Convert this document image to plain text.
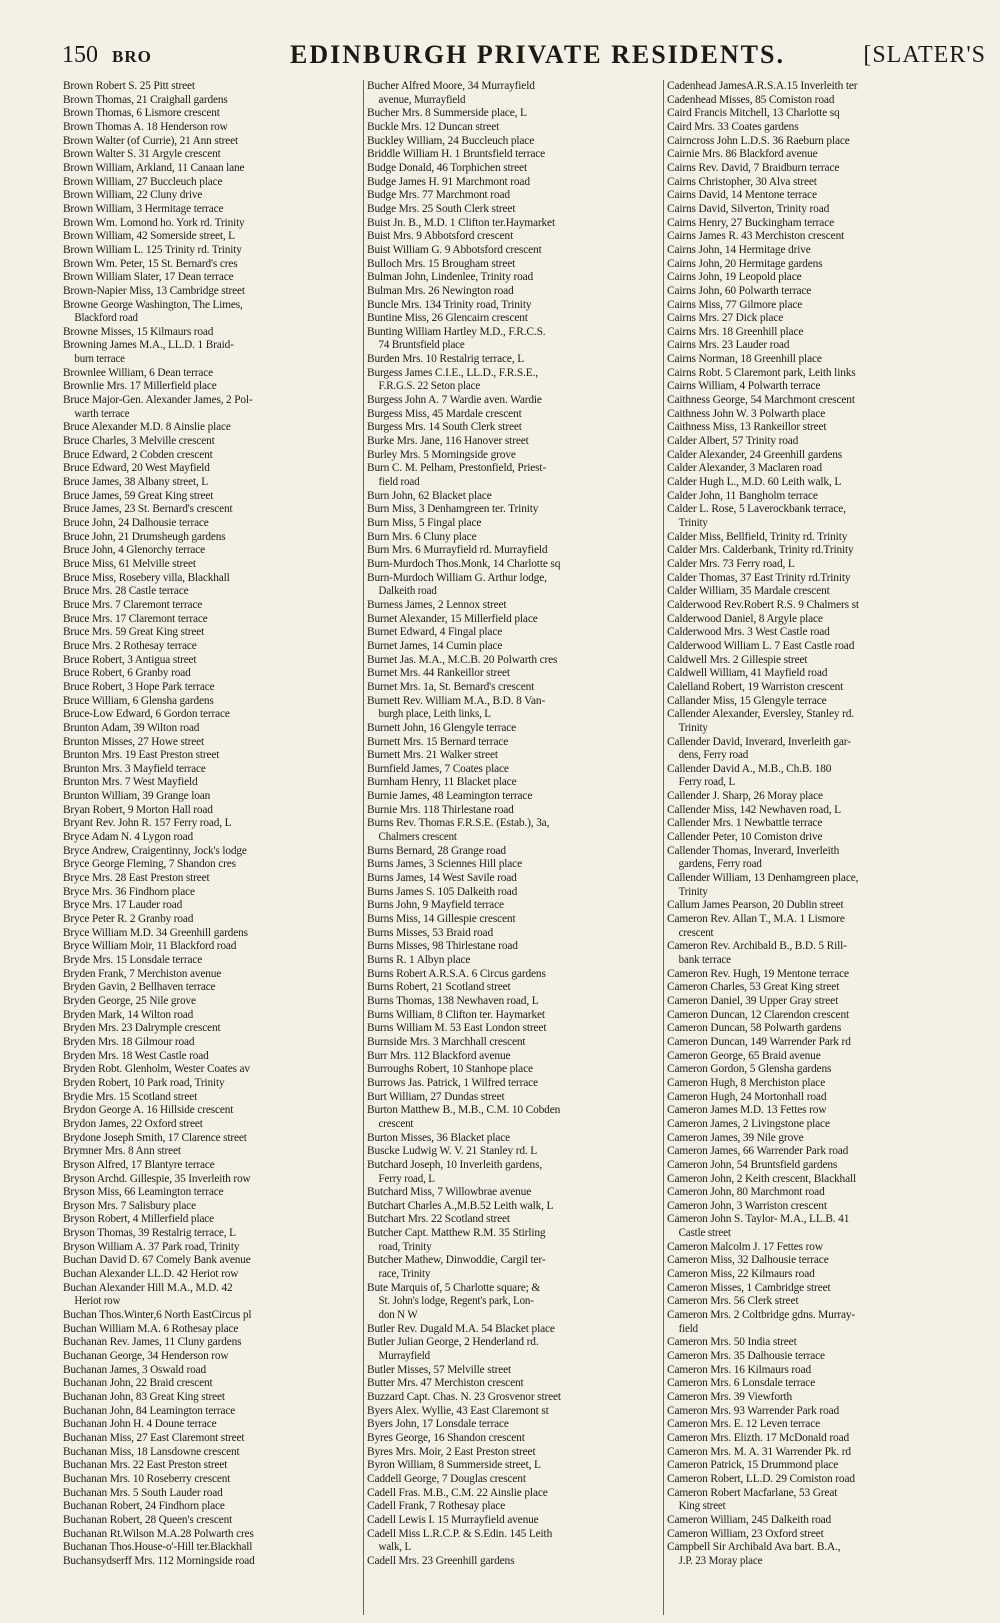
150 BRO	EDINBURGH PRIVATE RESIDENTS.	[SLATER'S
Brown Robert S. 25 Pitt street
Brown Thomas, 21 Craighall gardens
Brown Thomas, 6 Lismore crescent
Brown Thomas A. 18 Henderson row
Brown Walter (of Currie), 21 Ann street
Brown Walter S. 31 Argyle crescent
Brown William, Arkland, 11 Canaan lane
Brown William, 27 Buccleuch place
Brown William, 22 Cluny drive
Brown William, 3 Hermitage terrace
Brown Wm. Lomond ho. York rd. Trinity
Brown William, 42 Somerside street, L
Brown William L. 125 Trinity rd. Trinity
Brown Wm. Peter, 15 St. Bernard's cres
Brown William Slater, 17 Dean terrace
Brown-Napier Miss, 13 Cambridge street
Browne George Washington, The Limes,
Blackford road
Browne Misses, 15 Kilmaurs road
Browning James M.A., LL.D. 1 Braid-
burn terrace
Brownlee William, 6 Dean terrace
Brownlie Mrs. 17 Millerfield place
Bruce Major-Gen. Alexander James, 2 Pol-
warth terrace
Bruce Alexander M.D. 8 Ainslie place
Bruce Charles, 3 Melville crescent
Bruce Edward, 2 Cobden crescent
Bruce Edward, 20 West Mayfield
Bruce James, 38 Albany street, L
Bruce James, 59 Great King street
Bruce James, 23 St. Bernard's crescent
Bruce John, 24 Dalhousie terrace
Bruce John, 21 Drumsheugh gardens
Bruce John, 4 Glenorchy terrace
Bruce Miss, 61 Melville street
Bruce Miss, Rosebery villa, Blackhall
Bruce Mrs. 28 Castle terrace
Bruce Mrs. 7 Claremont terrace
Bruce Mrs. 17 Claremont terrace
Bruce Mrs. 59 Great King street
Bruce Mrs. 2 Rothesay terrace
Bruce Robert, 3 Antigua street
Bruce Robert, 6 Granby road
Bruce Robert, 3 Hope Park terrace
Bruce William, 6 Glensha gardens
Bruce-Low Edward, 6 Gordon terrace
Brunton Adam, 39 Wilton road
Brunton Misses, 27 Howe street
Brunton Mrs. 19 East Preston street
Brunton Mrs. 3 Mayfield terrace
Brunton Mrs. 7 West Mayfield
Brunton William, 39 Grange loan
Bryan Robert, 9 Morton Hall road
Bryant Rev. John R. 157 Ferry road, L
Bryce Adam N. 4 Lygon road
Bryce Andrew, Craigentinny, Jock's lodge
Bryce George Fleming, 7 Shandon cres
Bryce Mrs. 28 East Preston street
Bryce Mrs. 36 Findhorn place
Bryce Mrs. 17 Lauder road
Bryce Peter R. 2 Granby road
Bryce William M.D. 34 Greenhill gardens
Bryce William Moir, 11 Blackford road
Bryde Mrs. 15 Lonsdale terrace
Bryden Frank, 7 Merchiston avenue
Bryden Gavin, 2 Bellhaven terrace
Bryden George, 25 Nile grove
Bryden Mark, 14 Wilton road
Bryden Mrs. 23 Dalrymple crescent
Bryden Mrs. 18 Gilmour road
Bryden Mrs. 18 West Castle road
Bryden Robt. Glenholm, Wester Coates av
Bryden Robert, 10 Park road, Trinity
Brydie Mrs. 15 Scotland street
Brydon George A. 16 Hillside crescent
Brydon James, 22 Oxford street
Brydone Joseph Smith, 17 Clarence street
Brymner Mrs. 8 Ann street
Bryson Alfred, 17 Blantyre terrace
Bryson Archd. Gillespie, 35 Inverleith row
Bryson Miss, 66 Leamington terrace
Bryson Mrs. 7 Salisbury place
Bryson Robert, 4 Millerfield place
Bryson Thomas, 39 Restalrig terrace, L
Bryson William A. 37 Park road, Trinity
Buchan David D. 67 Comely Bank avenue
Buchan Alexander LL.D. 42 Heriot row
Buchan Alexander Hill M.A., M.D. 42
Heriot row
Buchan Thos.Winter,6 North EastCircus pl
Buchan William M.A. 6 Rothesay place
Buchanan Rev. James, 11 Cluny gardens
Buchanan George, 34 Henderson row
Buchanan James, 3 Oswald road
Buchanan John, 22 Braid crescent
Buchanan John, 83 Great King street
Buchanan John, 84 Leamington terrace
Buchanan John H. 4 Doune terrace
Buchanan Miss, 27 East Claremont street
Buchanan Miss, 18 Lansdowne crescent
Buchanan Mrs. 22 East Preston street
Buchanan Mrs. 10 Roseberry crescent
Buchanan Mrs. 5 South Lauder road
Buchanan Robert, 24 Findhorn place
Buchanan Robert, 28 Queen's crescent
Buchanan Rt.Wilson M.A.28 Polwarth cres
Buchanan Thos.House-o'-Hill ter.Blackhall
Buchansydserff Mrs. 112 Morningside road
Bucher Alfred Moore, 34 Murrayfield
avenue, Murrayfield
Bucher Mrs. 8 Summerside place, L
Buckle Mrs. 12 Duncan street
Buckley William, 24 Buccleuch place
Briddle William H. 1 Bruntsfield terrace
Budge Donald, 46 Torphichen street
Budge James H. 91 Marchmont road
Budge Mrs. 77 Marchmont road
Budge Mrs. 25 South Clerk street
Buist Jn. B., M.D. 1 Clifton ter.Haymarket
Buist Mrs. 9 Abbotsford crescent
Buist William G. 9 Abbotsford crescent
Bulloch Mrs. 15 Brougham street
Bulman John, Lindenlee, Trinity road
Bulman Mrs. 26 Newington road
Buncle Mrs. 134 Trinity road, Trinity
Buntine Miss, 26 Glencairn crescent
Bunting William Hartley M.D., F.R.C.S.
74 Bruntsfield place
Burden Mrs. 10 Restalrig terrace, L
Burgess James C.I.E., LL.D., F.R.S.E.,
F.R.G.S. 22 Seton place
Burgess John A. 7 Wardie aven. Wardie
Burgess Miss, 45 Mardale crescent
Burgess Mrs. 14 South Clerk street
Burke Mrs. Jane, 116 Hanover street
Burley Mrs. 5 Morningside grove
Burn C. M. Pelham, Prestonfield, Priest-
field road
Burn John, 62 Blacket place
Burn Miss, 3 Denhamgreen ter. Trinity
Burn Miss, 5 Fingal place
Burn Mrs. 6 Cluny place
Burn Mrs. 6 Murrayfield rd. Murrayfield
Burn-Murdoch Thos.Monk, 14 Charlotte sq
Burn-Murdoch William G. Arthur lodge,
Dalkeith road
Burness James, 2 Lennox street
Burnet Alexander, 15 Millerfield place
Burnet Edward, 4 Fingal place
Burnet James, 14 Cumin place
Burnet Jas. M.A., M.C.B. 20 Polwarth cres
Burnet Mrs. 44 Rankeillor street
Burnet Mrs. 1a, St. Bernard's crescent
Burnett Rev. William M.A., B.D. 8 Van-
burgh place, Leith links, L
Burnett John, 16 Glengyle terrace
Burnett Mrs. 15 Bernard terrace
Burnett Mrs. 21 Walker street
Burnfield James, 7 Coates place
Burnham Henry, 11 Blacket place
Burnie James, 48 Leamington terrace
Burnie Mrs. 118 Thirlestane road
Burns Rev. Thomas F.R.S.E. (Estab.), 3a,
Chalmers crescent
Burns Bernard, 28 Grange road
Burns James, 3 Sciennes Hill place
Burns James, 14 West Savile road
Burns James S. 105 Dalkeith road
Burns John, 9 Mayfield terrace
Burns Miss, 14 Gillespie crescent
Burns Misses, 53 Braid road
Burns Misses, 98 Thirlestane road
Burns R. 1 Albyn place
Burns Robert A.R.S.A. 6 Circus gardens
Burns Robert, 21 Scotland street
Burns Thomas, 138 Newhaven road, L
Burns William, 8 Clifton ter. Haymarket
Burns William M. 53 East London street
Burnside Mrs. 3 Marchhall crescent
Burr Mrs. 112 Blackford avenue
Burroughs Robert, 10 Stanhope place
Burrows Jas. Patrick, 1 Wilfred terrace
Burt William, 27 Dundas street
Burton Matthew B., M.B., C.M. 10 Cobden
crescent
Burton Misses, 36 Blacket place
Buscke Ludwig W. V. 21 Stanley rd. L
Butchard Joseph, 10 Inverleith gardens,
Ferry road, L
Butchard Miss, 7 Willowbrae avenue
Butchart Charles A.,M.B.52 Leith walk, L
Butchart Mrs. 22 Scotland street
Butcher Capt. Matthew R.M. 35 Stirling
road, Trinity
Butcher Mathew, Dinwoddie, Cargil ter-
race, Trinity
Bute Marquis of, 5 Charlotte square; &
St. John's lodge, Regent's park, Lon-
don N W
Butler Rev. Dugald M.A. 54 Blacket place
Butler Julian George, 2 Henderland rd.
Murrayfield
Butler Misses, 57 Melville street
Butter Mrs. 47 Merchiston crescent
Buzzard Capt. Chas. N. 23 Grosvenor street
Byers Alex. Wyllie, 43 East Claremont st
Byers John, 17 Lonsdale terrace
Byres George, 16 Shandon crescent
Byres Mrs. Moir, 2 East Preston street
Byron William, 8 Summerside street, L
Caddell George, 7 Douglas crescent
Cadell Fras. M.B., C.M. 22 Ainslie place
Cadell Frank, 7 Rothesay place
Cadell Lewis I. 15 Murrayfield avenue
Cadell Miss L.R.C.P. & S.Edin. 145 Leith
walk, L
Cadell Mrs. 23 Greenhill gardens
Cadenhead JamesA.R.S.A.15 Inverleith ter
Cadenhead Misses, 85 Comiston road
Caird Francis Mitchell, 13 Charlotte sq
Caird Mrs. 33 Coates gardens
Cairncross John L.D.S. 36 Raeburn place
Cairnie Mrs. 86 Blackford avenue
Cairns Rev. David, 7 Braidburn terrace
Cairns Christopher, 30 Alva street
Cairns David, 14 Mentone terrace
Cairns David, Silverton, Trinity road
Cairns Henry, 27 Buckingham terrace
Cairns James R. 43 Merchiston crescent
Cairns John, 14 Hermitage drive
Cairns John, 20 Hermitage gardens
Cairns John, 19 Leopold place
Cairns John, 60 Polwarth terrace
Cairns Miss, 77 Gilmore place
Cairns Mrs. 27 Dick place
Cairns Mrs. 18 Greenhill place
Cairns Mrs. 23 Lauder road
Cairns Norman, 18 Greenhill place
Cairns Robt. 5 Claremont park, Leith links
Cairns William, 4 Polwarth terrace
Caithness George, 54 Marchmont crescent
Caithness John W. 3 Polwarth place
Caithness Miss, 13 Rankeillor street
Calder Albert, 57 Trinity road
Calder Alexander, 24 Greenhill gardens
Calder Alexander, 3 Maclaren road
Calder Hugh L., M.D. 60 Leith walk, L
Calder John, 11 Bangholm terrace
Calder L. Rose, 5 Laverockbank terrace,
Trinity
Calder Miss, Bellfield, Trinity rd. Trinity
Calder Mrs. Calderbank, Trinity rd.Trinity
Calder Mrs. 73 Ferry road, L
Calder Thomas, 37 East Trinity rd.Trinity
Calder William, 35 Mardale crescent
Calderwood Rev.Robert R.S. 9 Chalmers st
Calderwood Daniel, 8 Argyle place
Calderwood Mrs. 3 West Castle road
Calderwood William L. 7 East Castle road
Caldwell Mrs. 2 Gillespie street
Caldwell William, 41 Mayfield road
Calelland Robert, 19 Warriston crescent
Callander Miss, 15 Glengyle terrace
Callender Alexander, Eversley, Stanley rd.
Trinity
Callender David, Inverard, Inverleith gar-
dens, Ferry road
Callender David A., M.B., Ch.B. 180
Ferry road, L
Callender J. Sharp, 26 Moray place
Callender Miss, 142 Newhaven road, L
Callender Mrs. 1 Newbattle terrace
Callender Peter, 10 Comiston drive
Callender Thomas, Inverard, Inverleith
gardens, Ferry road
Callender William, 13 Denhamgreen place,
Trinity
Callum James Pearson, 20 Dublin street
Cameron Rev. Allan T., M.A. 1 Lismore
crescent
Cameron Rev. Archibald B., B.D. 5 Rill-
bank terrace
Cameron Rev. Hugh, 19 Mentone terrace
Cameron Charles, 53 Great King street
Cameron Daniel, 39 Upper Gray street
Cameron Duncan, 12 Clarendon crescent
Cameron Duncan, 58 Polwarth gardens
Cameron Duncan, 149 Warrender Park rd
Cameron George, 65 Braid avenue
Cameron Gordon, 5 Glensha gardens
Cameron Hugh, 8 Merchiston place
Cameron Hugh, 24 Mortonhall road
Cameron James M.D. 13 Fettes row
Cameron James, 2 Livingstone place
Cameron James, 39 Nile grove
Cameron James, 66 Warrender Park road
Cameron John, 54 Bruntsfield gardens
Cameron John, 2 Keith crescent, Blackhall
Cameron John, 80 Marchmont road
Cameron John, 3 Warriston crescent
Cameron John S. Taylor- M.A., LL.B. 41
Castle street
Cameron Malcolm J. 17 Fettes row
Cameron Miss, 32 Dalhousie terrace
Cameron Miss, 22 Kilmaurs road
Cameron Misses, 1 Cambridge street
Cameron Mrs. 56 Clerk street
Cameron Mrs. 2 Coltbridge gdns. Murray-
field
Cameron Mrs. 50 India street
Cameron Mrs. 35 Dalhousie terrace
Cameron Mrs. 16 Kilmaurs road
Cameron Mrs. 6 Lonsdale terrace
Cameron Mrs. 39 Viewforth
Cameron Mrs. 93 Warrender Park road
Cameron Mrs. E. 12 Leven terrace
Cameron Mrs. Elizth. 17 McDonald road
Cameron Mrs. M. A. 31 Warrender Pk. rd
Cameron Patrick, 15 Drummond place
Cameron Robert, LL.D. 29 Comiston road
Cameron Robert Macfarlane, 53 Great
King street
Cameron William, 245 Dalkeith road
Cameron William, 23 Oxford street
Campbell Sir Archibald Ava bart. B.A.,
J.P. 23 Moray place
